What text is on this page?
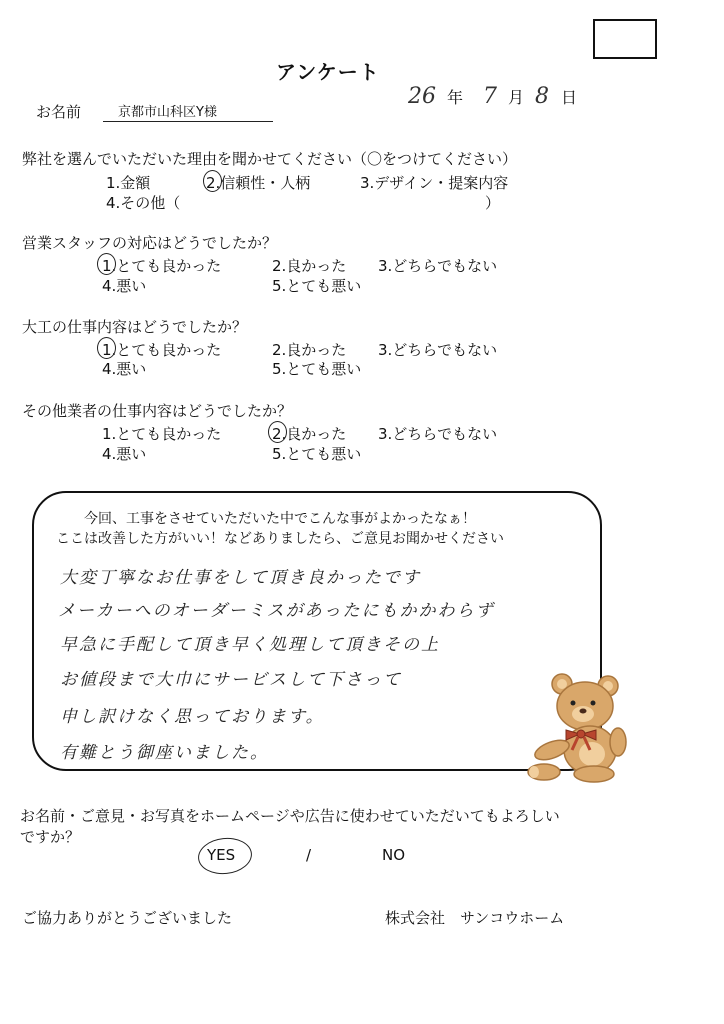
アンケート
26 年 7 月 8 日
お名前	京都市山科区Y様
弊社を選んでいただいた理由を聞かせてください（〇をつけてください）
1.金額	2.信頼性・人柄	3.デザイン・提案内容
4.その他（	）
営業スタッフの対応はどうでしたか？
1.とても良かった	2.良かった 3.どちらでもない
4.悪い	5.とても悪い
大工の仕事内容はどうでしたか？
1.とても良かった	2.良かった 3.どちらでもない
4.悪い	5.とても悪い
その他業者の仕事内容はどうでしたか？
1.とても良かった	2.良かった 3.どちらでもない
4.悪い	5.とても悪い
今回、工事をさせていただいた中でこんな事がよかったなぁ！
ここは改善した方がいい！などありましたら、ご意見お聞かせください
大変丁寧なお仕事をして頂き良かったです
メーカーへのオーダーミスがあったにもかかわらず
早急に手配して頂き早く処理して頂きその上
お値段まで大巾にサービスして下さって
申し訳けなく思っております。
有難とう御座いました。
お名前・ご意見・お写真をホームページや広告に使わせていただいてもよろしい
ですか？
YES	/	NO
ご協力ありがとうございました	株式会社　サンコウホーム
